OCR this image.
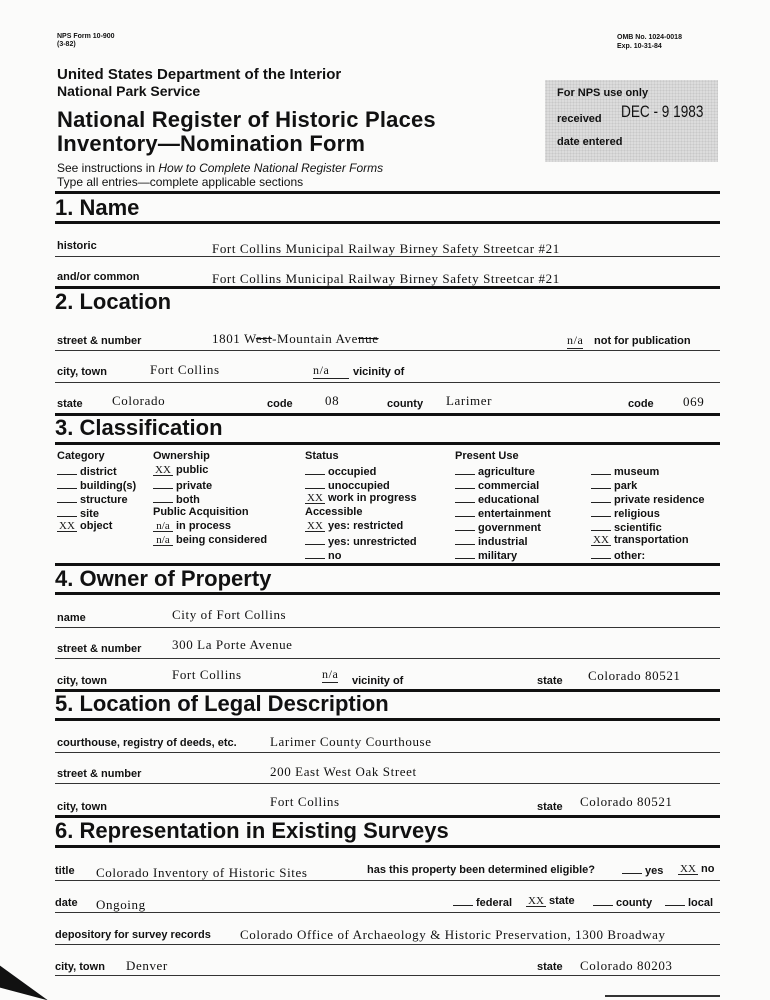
NPS Form 10-900
(3-82)
OMB No. 1024-0018
Exp. 10-31-84
United States Department of the Interior
National Park Service
National Register of Historic Places
Inventory—Nomination Form
See instructions in How to Complete National Register Forms
Type all entries—complete applicable sections
For NPS use only
received DEC - 9 1983
date entered
1. Name
historic	Fort Collins Municipal Railway Birney Safety Streetcar #21
and/or common	Fort Collins Municipal Railway Birney Safety Streetcar #21
2. Location
street & number	1801 West-Mountain Avenue	n/a not for publication
city, town	Fort Collins	n/a	vicinity of
state Colorado	code 08	county Larimer	code 069
3. Classification
Category
district
building(s)
structure
site
XX object
Ownership
XX public
private
both
Public Acquisition
n/a in process
n/a being considered
Status
occupied
unoccupied
XX work in progress
Accessible
XX yes: restricted
yes: unrestricted
no
Present Use
agriculture
commercial
educational
entertainment
government
industrial
military
museum
park
private residence
religious
scientific
XX transportation
other:
4. Owner of Property
name	City of Fort Collins
street & number 300 La Porte Avenue
city, town	Fort Collins	n/a vicinity of	state Colorado 80521
5. Location of Legal Description
courthouse, registry of deeds, etc.	Larimer County Courthouse
street & number	200 East West Oak Street
city, town	Fort Collins	state Colorado 80521
6. Representation in Existing Surveys
title Colorado Inventory of Historic Sites	has this property been determined eligible?	yes XX no
date Ongoing	federal XX state	county	local
depository for survey records Colorado Office of Archaeology & Historic Preservation, 1300 Broadway
city, town Denver	state Colorado 80203
